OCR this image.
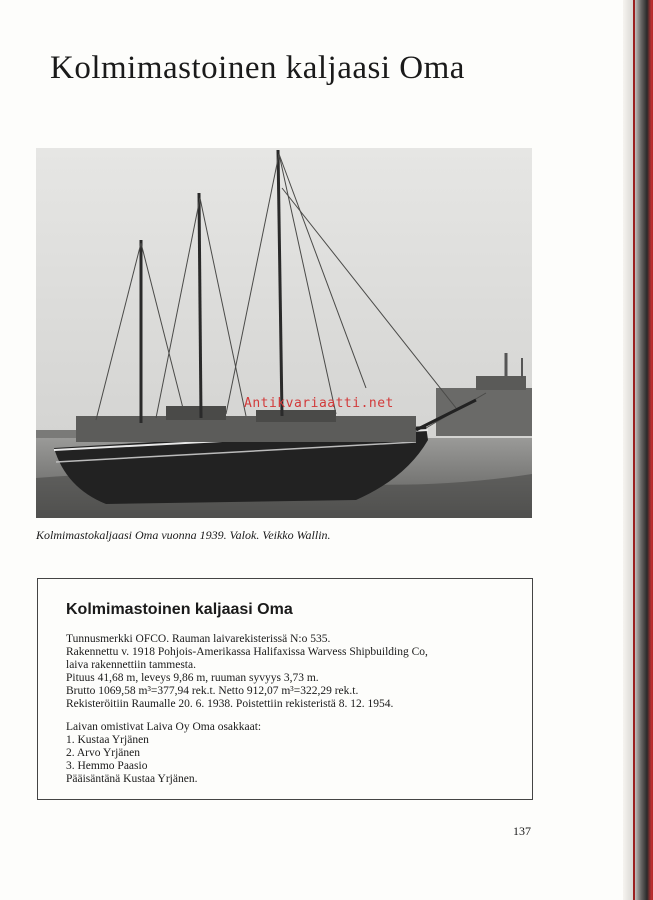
Kolmimastoinen kaljaasi Oma
Antikvariaatti.net
Kolmimastokaljaasi Oma vuonna 1939. Valok. Veikko Wallin.
Kolmimastoinen kaljaasi Oma

Tunnusmerkki OFCO. Rauman laivarekisterissä N:o 535.

Rakennettu v. 1918 Pohjois-Amerikassa Halifaxissa Warvess Shipbuilding Co,

laiva rakennettiin tammesta.

Pituus 41,68 m, leveys 9,86 m, ruuman syvyys 3,73 m.

Brutto 1069,58 m³=377,94 rek.t. Netto 912,07 m³=322,29 rek.t.

Rekisteröitiin Raumalle 20. 6. 1938. Poistettiin rekisteristä 8. 12. 1954.

Laivan omistivat Laiva Oy Oma osakkaat:

1. Kustaa Yrjänen

2. Arvo Yrjänen

3. Hemmo Paasio

Pääisäntänä Kustaa Yrjänen.

137
